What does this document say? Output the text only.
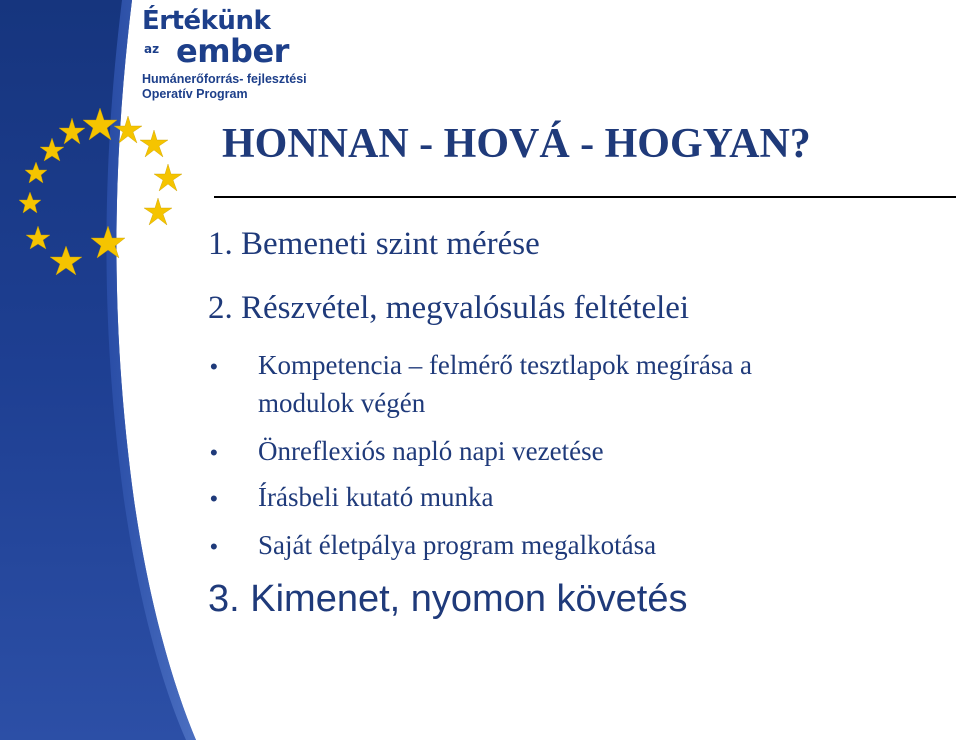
Értékünk
az ember
Humánerőforrás- fejlesztési
Operatív Program
HONNAN - HOVÁ - HOGYAN?
1. Bemeneti szint mérése
2. Részvétel, megvalósulás feltételei
• Kompetencia – felmérő tesztlapok megírása a
modulok végén
• Önreflexiós napló napi vezetése
• Írásbeli kutató munka
• Saját életpálya program megalkotása
3. Kimenet, nyomon követés
